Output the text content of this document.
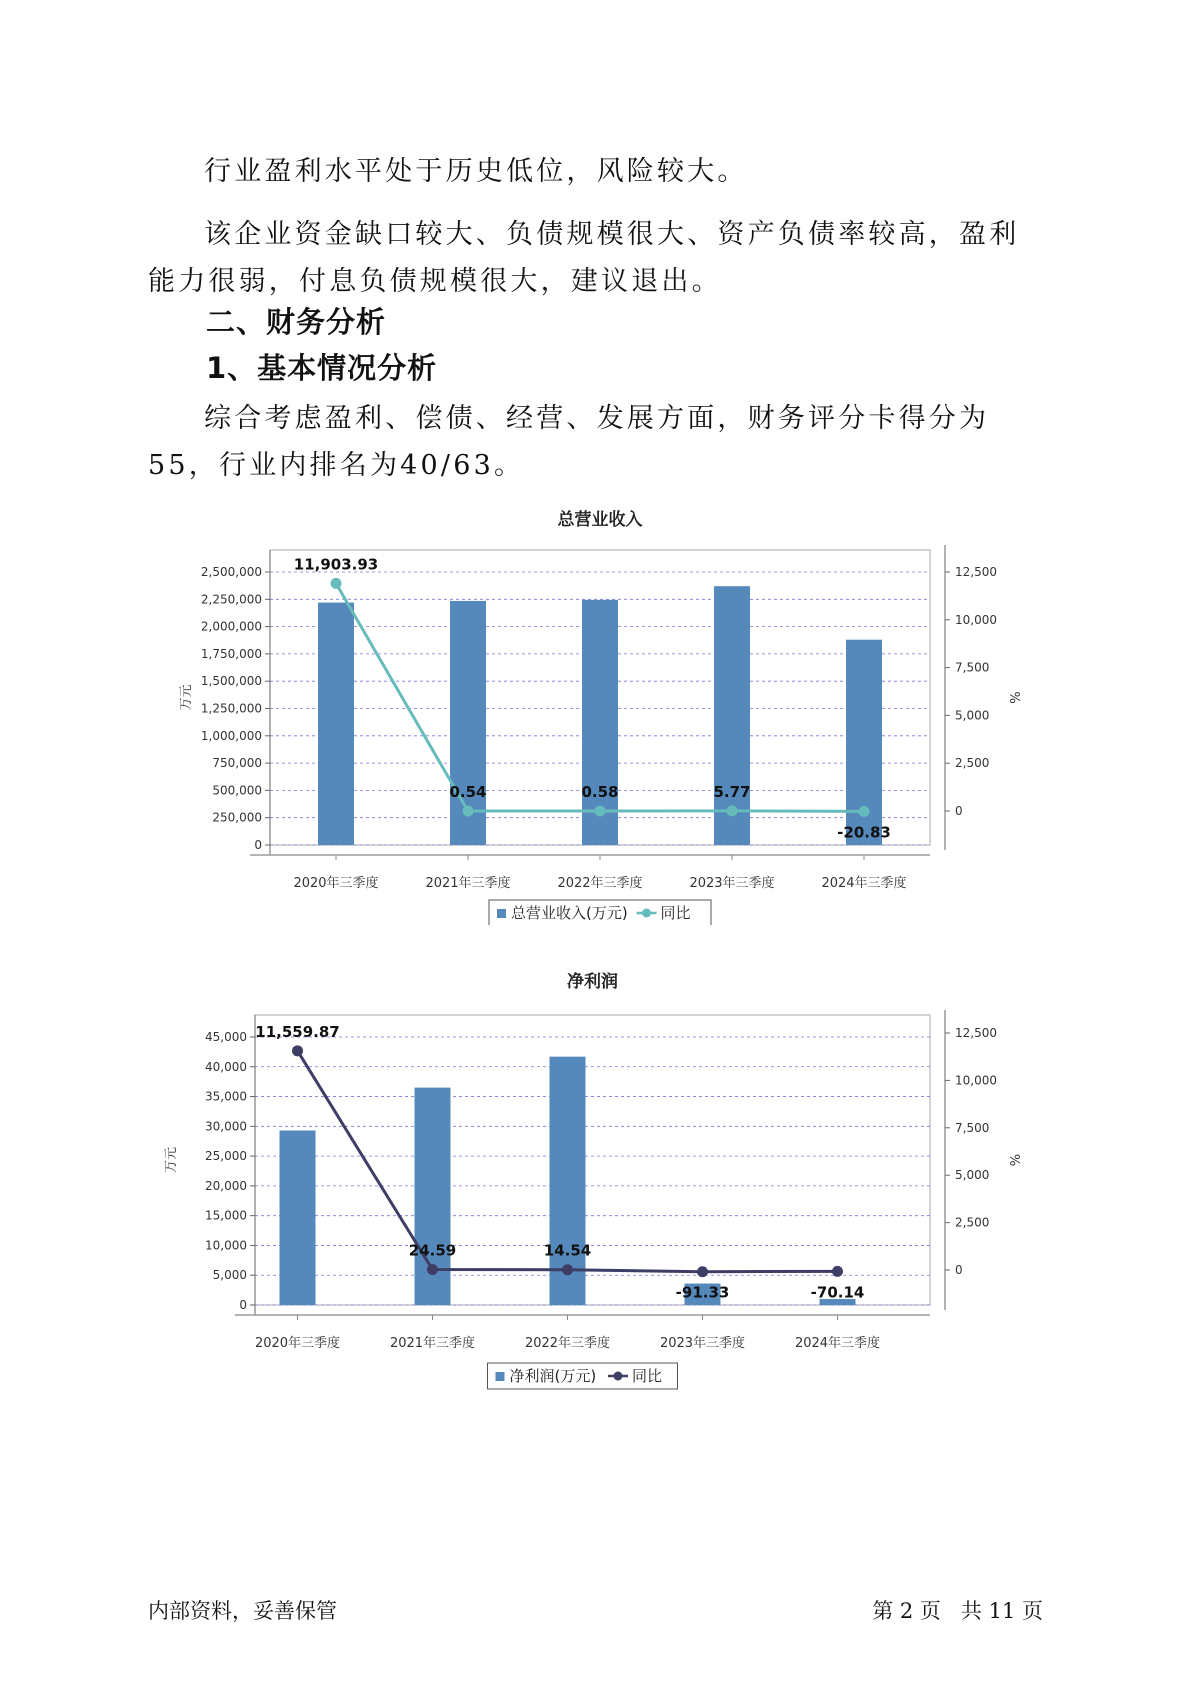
行业盈利水平处于历史低位，风险较大。

该企业资金缺口较大、负债规模很大、资产负债率较高，盈利能力很弱，付息负债规模很大，建议退出。

二、财务分析
1、基本情况分析

综合考虑盈利、偿债、经营、发展方面，财务评分卡得分为55，行业内排名为40/63。

总营业收入
0
250,000
500,000
750,000
1,000,000
1,250,000
1,500,000
1,750,000
2,000,000
2,250,000
2,500,000
0
2,500
5,000
7,500
10,000
12,500
万元	%
2020年三季度	2021年三季度	2022年三季度	2023年三季度	2024年三季度
11,903.93
0.54	0.58	5.77
-20.83
总营业收入(万元) 同比
净利润
0
5,000
10,000
15,000
20,000
25,000
30,000
35,000
40,000
45,000
0
2,500
5,000
7,500
10,000
12,500
万元	%
2020年三季度	2021年三季度	2022年三季度	2023年三季度	2024年三季度
11,559.87
24.59	14.54
-91.33	-70.14
净利润(万元) 同比
内部资料，妥善保管	第 2 页   共 11 页
